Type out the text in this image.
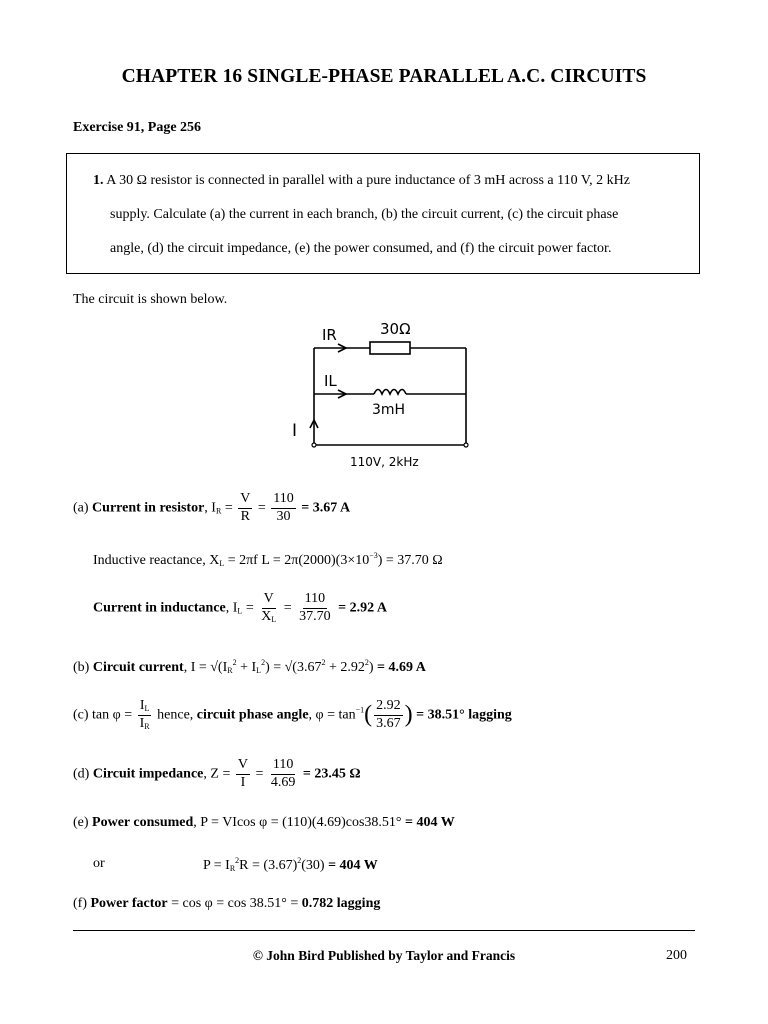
CHAPTER 16 SINGLE-PHASE PARALLEL A.C. CIRCUITS
Exercise 91, Page 256
1. A 30 Ω resistor is connected in parallel with a pure inductance of 3 mH across a 110 V, 2 kHz
supply. Calculate (a) the current in each branch, (b) the circuit current, (c) the circuit phase
angle, (d) the circuit impedance, (e) the power consumed, and (f) the circuit power factor.
The circuit is shown below.
IR	30Ω
IL
3mH
I
110V, 2kHz
(a) Current in resistor, $I_R = \frac{V}{R} = \frac{110}{30} = 3.67$ A
Inductive reactance, $X_L = 2\pi f$ $L = 2\pi(2000)(3\times 10^{-3}) = 37.70$ Ω
Current in inductance, $I_L = \frac{V}{X_L} = \frac{110}{37.70} = 2.92$ A
(b) Circuit current, $I = √(I_R^2 + I_L^2) = √(3.67^2 + 2.92^2) = 4.69$ A
(c) $\tan \varphi = \frac{I_L}{I_R}$ hence, circuit phase angle, $\varphi = \tan^{-1}( \frac{2.92}{3.67}$ ) = 38.51° lagging
(d) Circuit impedance, $Z = \frac{V}{I} = \frac{110}{4.69} = 23.45$ Ω
(e) Power consumed, P = VIcos φ = (110)(4.69)cos38.51° = 404 W
or	$P = I_R^2R = (3.67)^2(30) = 404$ W
(f) Power factor = cos φ = cos 38.51° = 0.782 lagging
© John Bird Published by Taylor and Francis	200
